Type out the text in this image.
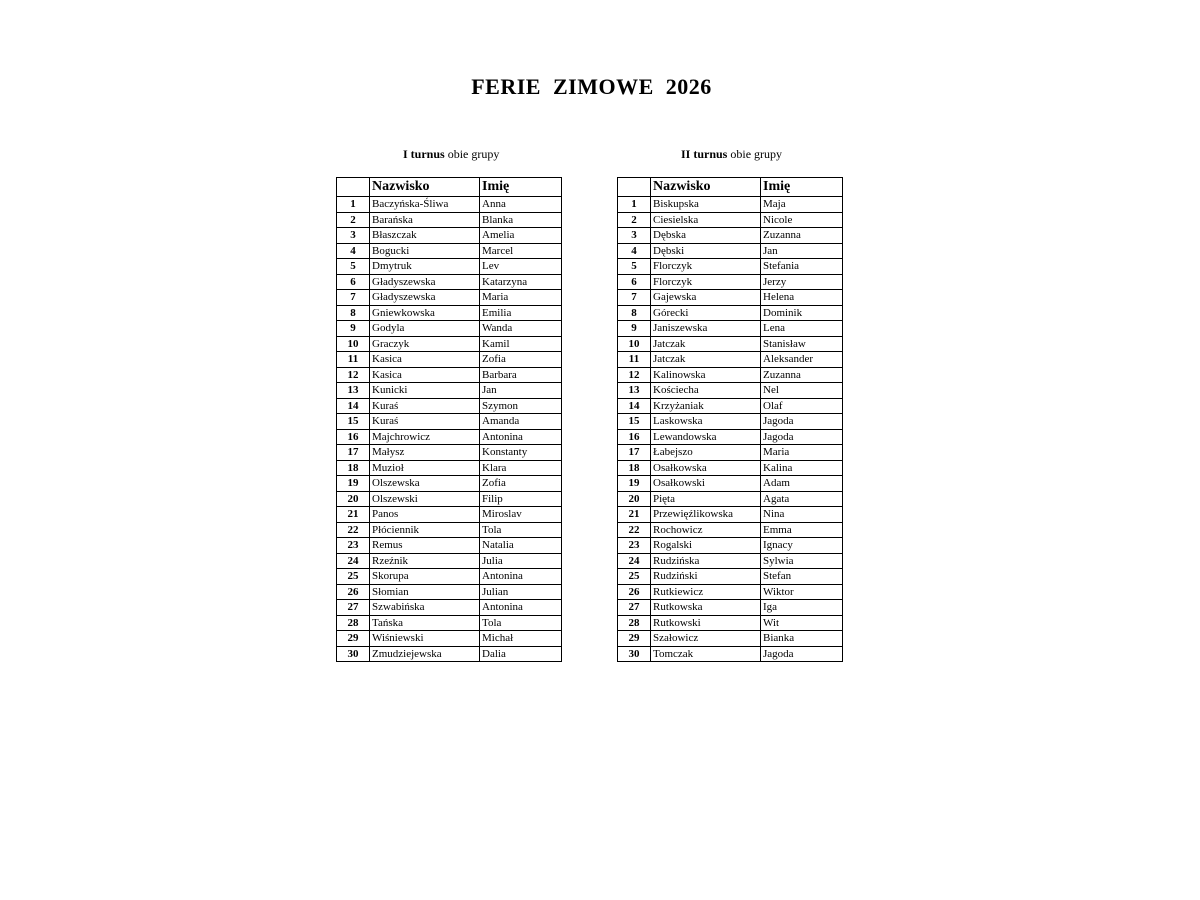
FERIE  ZIMOWE  2026
I turnus obie grupy	II turnus obie grupy
	Nazwisko	Imię
1	Baczyńska-Śliwa	Anna
2	Barańska	Blanka
3	Błaszczak	Amelia
4	Bogucki	Marcel
5	Dmytruk	Lev
6	Gładyszewska	Katarzyna
7	Gładyszewska	Maria
8	Gniewkowska	Emilia
9	Godyla	Wanda
10	Graczyk	Kamil
11	Kasica	Zofia
12	Kasica	Barbara
13	Kunicki	Jan
14	Kuraś	Szymon
15	Kuraś	Amanda
16	Majchrowicz	Antonina
17	Małysz	Konstanty
18	Muzioł	Klara
19	Olszewska	Zofia
20	Olszewski	Filip
21	Panos	Miroslav
22	Płóciennik	Tola
23	Remus	Natalia
24	Rzeźnik	Julia
25	Skorupa	Antonina
26	Słomian	Julian
27	Szwabińska	Antonina
28	Tańska	Tola
29	Wiśniewski	Michał
30	Zmudziejewska	Dalia
	Nazwisko	Imię
1	Biskupska	Maja
2	Ciesielska	Nicole
3	Dębska	Zuzanna
4	Dębski	Jan
5	Florczyk	Stefania
6	Florczyk	Jerzy
7	Gajewska	Helena
8	Górecki	Dominik
9	Janiszewska	Lena
10	Jatczak	Stanisław
11	Jatczak	Aleksander
12	Kalinowska	Zuzanna
13	Kościecha	Nel
14	Krzyżaniak	Olaf
15	Laskowska	Jagoda
16	Lewandowska	Jagoda
17	Łabejszo	Maria
18	Osałkowska	Kalina
19	Osałkowski	Adam
20	Pięta	Agata
21	Przewięźlikowska	Nina
22	Rochowicz	Emma
23	Rogalski	Ignacy
24	Rudzińska	Sylwia
25	Rudziński	Stefan
26	Rutkiewicz	Wiktor
27	Rutkowska	Iga
28	Rutkowski	Wit
29	Szałowicz	Bianka
30	Tomczak	Jagoda
